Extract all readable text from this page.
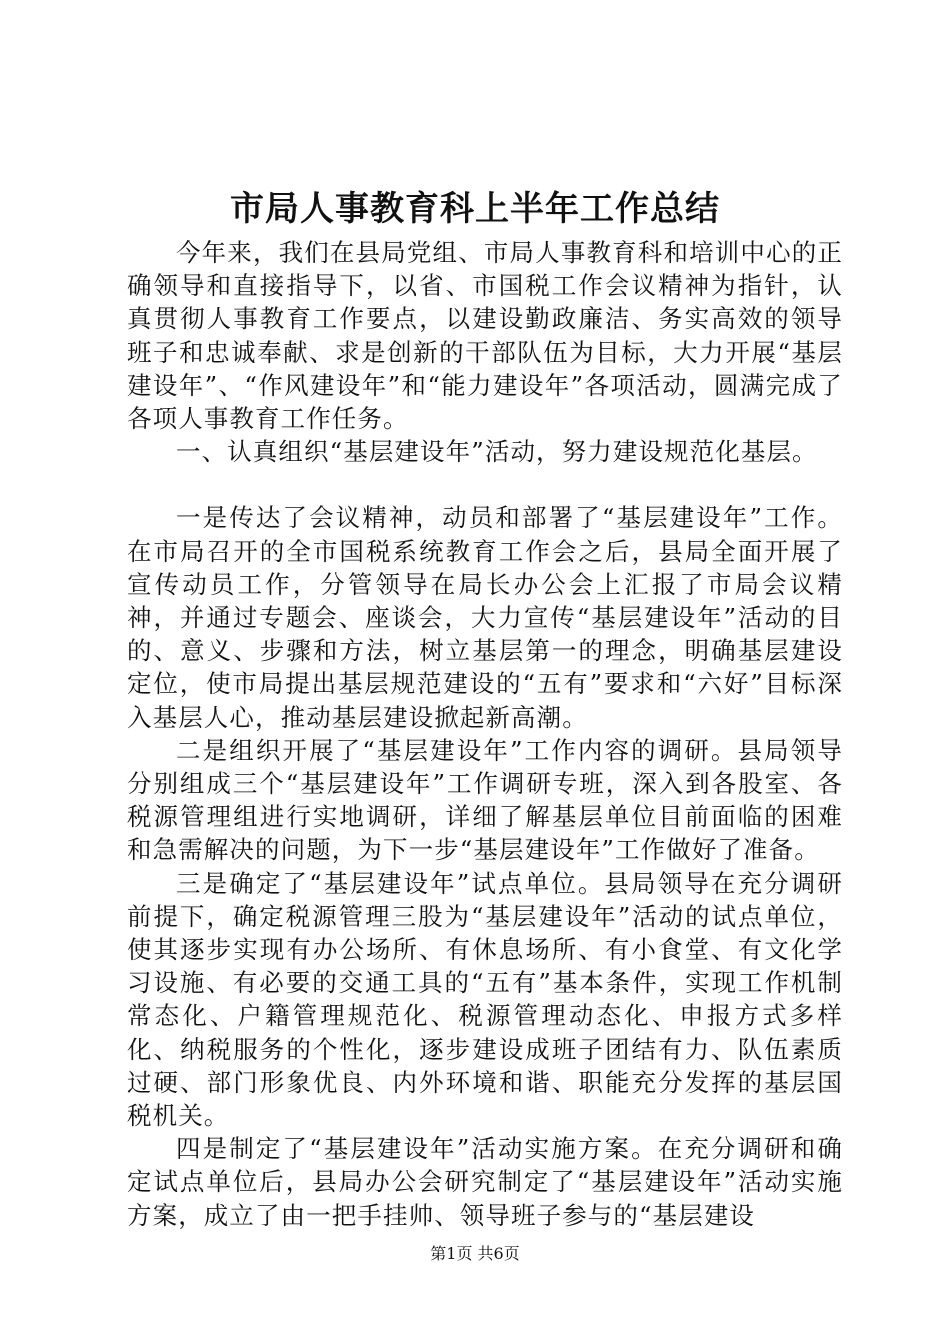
市局人事教育科上半年工作总结

今年来，我们在县局党组、市局人事教育科和培训中心的正确领导和直接指导下，以省、市国税工作会议精神为指针，认真贯彻人事教育工作要点，以建设勤政廉洁、务实高效的领导班子和忠诚奉献、求是创新的干部队伍为目标，大力开展“基层建设年”、“作风建设年”和“能力建设年”各项活动，圆满完成了各项人事教育工作任务。

一、认真组织“基层建设年”活动，努力建设规范化基层。

一是传达了会议精神，动员和部署了“基层建设年”工作。在市局召开的全市国税系统教育工作会之后，县局全面开展了宣传动员工作，分管领导在局长办公会上汇报了市局会议精神，并通过专题会、座谈会，大力宣传“基层建设年”活动的目的、意义、步骤和方法，树立基层第一的理念，明确基层建设定位，使市局提出基层规范建设的“五有”要求和“六好”目标深入基层人心，推动基层建设掀起新高潮。

二是组织开展了“基层建设年”工作内容的调研。县局领导分别组成三个“基层建设年”工作调研专班，深入到各股室、各税源管理组进行实地调研，详细了解基层单位目前面临的困难和急需解决的问题，为下一步“基层建设年”工作做好了准备。

三是确定了“基层建设年”试点单位。县局领导在充分调研前提下，确定税源管理三股为“基层建设年”活动的试点单位，使其逐步实现有办公场所、有休息场所、有小食堂、有文化学习设施、有必要的交通工具的“五有”基本条件，实现工作机制常态化、户籍管理规范化、税源管理动态化、申报方式多样化、纳税服务的个性化，逐步建设成班子团结有力、队伍素质过硬、部门形象优良、内外环境和谐、职能充分发挥的基层国税机关。

四是制定了“基层建设年”活动实施方案。在充分调研和确定试点单位后，县局办公会研究制定了“基层建设年”活动实施方案，成立了由一把手挂帅、领导班子参与的“基层建设

第1页 共6页
